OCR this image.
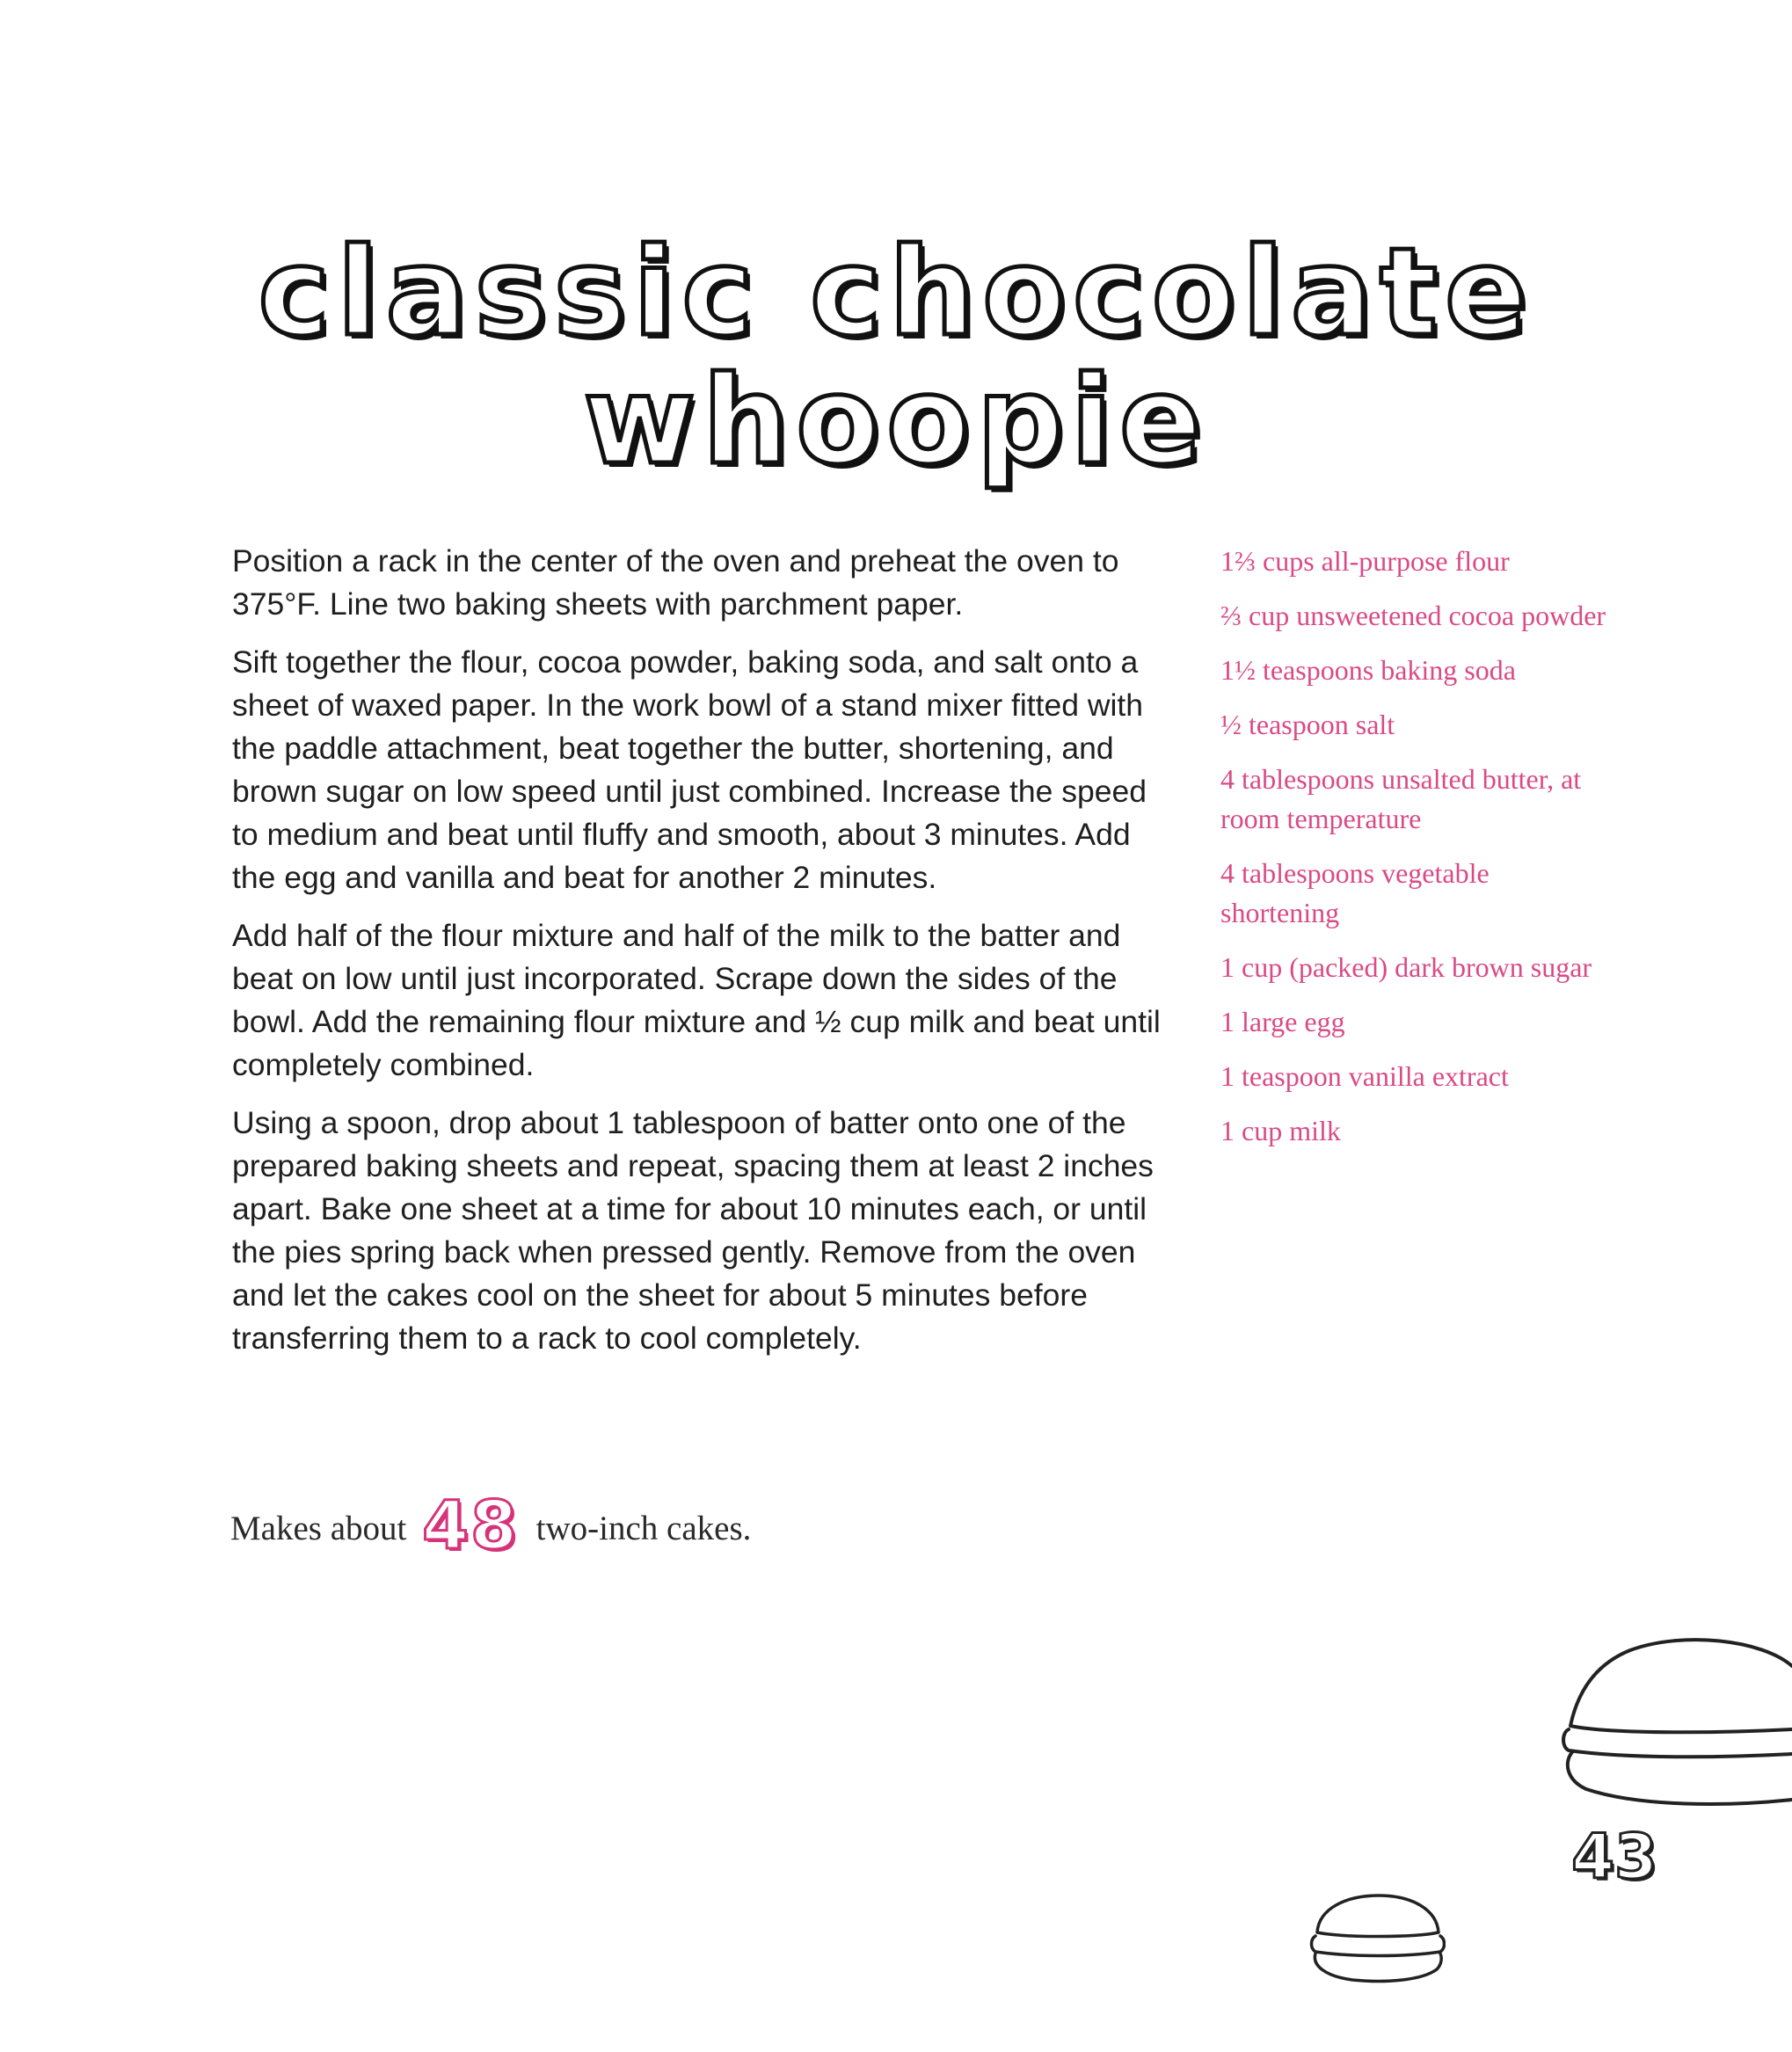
classic chocolate
whoopie

Position a rack in the center of the oven and preheat the oven to 375°F. Line two baking sheets with parchment paper.

Sift together the flour, cocoa powder, baking soda, and salt onto a sheet of waxed paper. In the work bowl of a stand mixer fitted with the paddle attachment, beat together the butter, shortening, and brown sugar on low speed until just combined. Increase the speed to medium and beat until fluffy and smooth, about 3 minutes. Add the egg and vanilla and beat for another 2 minutes.

Add half of the flour mixture and half of the milk to the batter and beat on low until just incorporated. Scrape down the sides of the bowl. Add the remaining flour mixture and ½ cup milk and beat until completely combined.

Using a spoon, drop about 1 tablespoon of batter onto one of the prepared baking sheets and repeat, spacing them at least 2 inches apart. Bake one sheet at a time for about 10 minutes each, or until the pies spring back when pressed gently. Remove from the oven and let the cakes cool on the sheet for about 5 minutes before transferring them to a rack to cool completely.

Makes about 48 two-inch cakes.
1⅔ cups all-purpose flour
⅔ cup unsweetened cocoa powder
1½ teaspoons baking soda
½ teaspoon salt
4 tablespoons unsalted butter, at room temperature
4 tablespoons vegetable shortening
1 cup (packed) dark brown sugar
1 large egg
1 teaspoon vanilla extract
1 cup milk
43
